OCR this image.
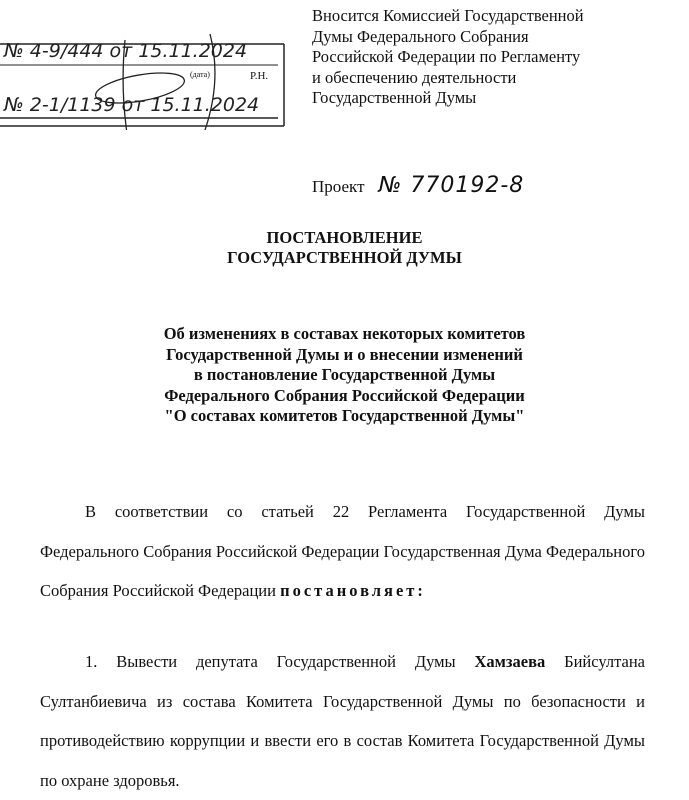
№ 4-9/444 от 15.11.2024
(дата)	Р.Н.
№ 2-1/1139 от 15.11.2024
Вносится Комиссией Государственной
Думы Федерального Собрания
Российской Федерации по Регламенту
и обеспечению деятельности
Государственной Думы
Проект № 770192-8
ПОСТАНОВЛЕНИЕ
ГОСУДАРСТВЕННОЙ ДУМЫ
Об изменениях в составах некоторых комитетов
Государственной Думы и о внесении изменений
в постановление Государственной Думы
Федерального Собрания Российской Федерации
"О составах комитетов Государственной Думы"
В соответствии со статьей 22 Регламента Государственной Думы Федерального Собрания Российской Федерации Государственная Дума Федерального Собрания Российской Федерации постановляет:
1. Вывести депутата Государственной Думы Хамзаева Бийсултана Султанбиевича из состава Комитета Государственной Думы по безопасности и противодействию коррупции и ввести его в состав Комитета Государственной Думы по охране здоровья.
